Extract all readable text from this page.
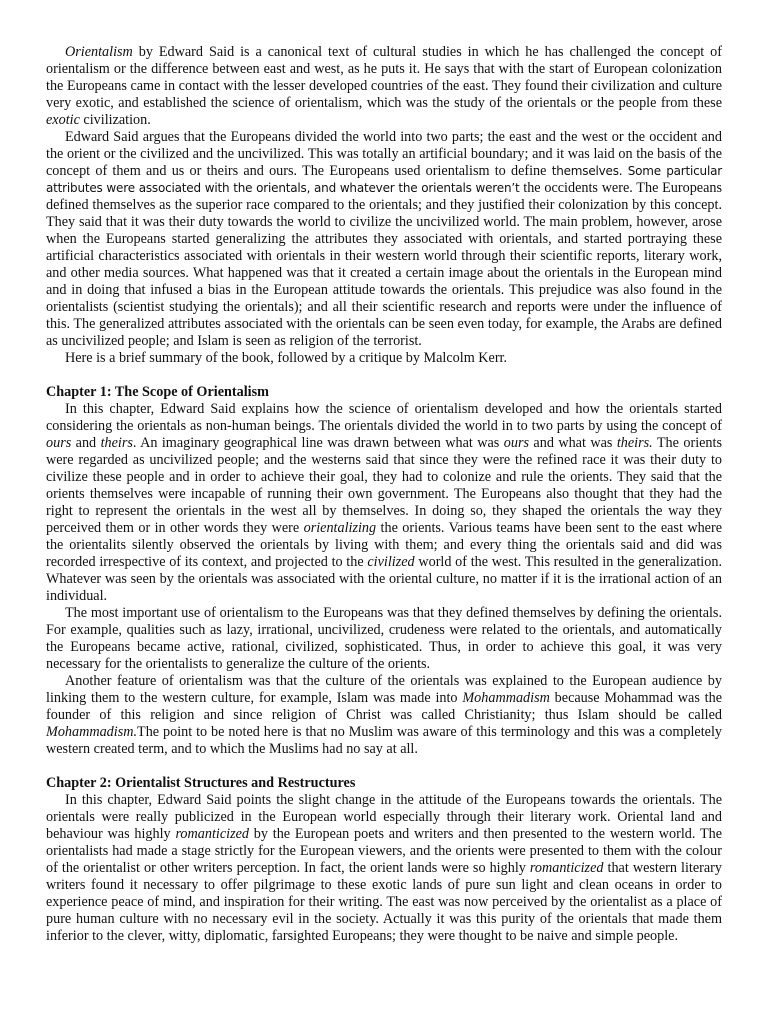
Orientalism by Edward Said is a canonical text of cultural studies in which he has challenged the concept of orientalism or the difference between east and west, as he puts it. He says that with the start of European colonization the Europeans came in contact with the lesser developed countries of the east. They found their civilization and culture very exotic, and established the science of orientalism, which was the study of the orientals or the people from these exotic civilization.

Edward Said argues that the Europeans divided the world into two parts; the east and the west or the occident and the orient or the civilized and the uncivilized. This was totally an artificial boundary; and it was laid on the basis of the concept of them and us or theirs and ours. The Europeans used orientalism to define themselves. Some particular attributes were associated with the orientals, and whatever the orientals weren’t the occidents were. The Europeans defined themselves as the superior race compared to the orientals; and they justified their colonization by this concept. They said that it was their duty towards the world to civilize the uncivilized world. The main problem, however, arose when the Europeans started generalizing the attributes they associated with orientals, and started portraying these artificial characteristics associated with orientals in their western world through their scientific reports, literary work, and other media sources. What happened was that it created a certain image about the orientals in the European mind and in doing that infused a bias in the European attitude towards the orientals. This prejudice was also found in the orientalists (scientist studying the orientals); and all their scientific research and reports were under the influence of this. The generalized attributes associated with the orientals can be seen even today, for example, the Arabs are defined as uncivilized people; and Islam is seen as religion of the terrorist.

Here is a brief summary of the book, followed by a critique by Malcolm Kerr.

Chapter 1: The Scope of Orientalism

In this chapter, Edward Said explains how the science of orientalism developed and how the orientals started considering the orientals as non-human beings. The orientals divided the world in to two parts by using the concept of ours and theirs. An imaginary geographical line was drawn between what was ours and what was theirs. The orients were regarded as uncivilized people; and the westerns said that since they were the refined race it was their duty to civilize these people and in order to achieve their goal, they had to colonize and rule the orients. They said that the orients themselves were incapable of running their own government. The Europeans also thought that they had the right to represent the orientals in the west all by themselves. In doing so, they shaped the orientals the way they perceived them or in other words they were orientalizing the orients. Various teams have been sent to the east where the orientalits silently observed the orientals by living with them; and every thing the orientals said and did was recorded irrespective of its context, and projected to the civilized world of the west. This resulted in the generalization. Whatever was seen by the orientals was associated with the oriental culture, no matter if it is the irrational action of an individual.

The most important use of orientalism to the Europeans was that they defined themselves by defining the orientals. For example, qualities such as lazy, irrational, uncivilized, crudeness were related to the orientals, and automatically the Europeans became active, rational, civilized, sophisticated. Thus, in order to achieve this goal, it was very necessary for the orientalists to generalize the culture of the orients.

Another feature of orientalism was that the culture of the orientals was explained to the European audience by linking them to the western culture, for example, Islam was made into Mohammadism because Mohammad was the founder of this religion and since religion of Christ was called Christianity; thus Islam should be called Mohammadism.The point to be noted here is that no Muslim was aware of this terminology and this was a completely western created term, and to which the Muslims had no say at all.

Chapter 2: Orientalist Structures and Restructures

In this chapter, Edward Said points the slight change in the attitude of the Europeans towards the orientals. The orientals were really publicized in the European world especially through their literary work. Oriental land and behaviour was highly romanticized by the European poets and writers and then presented to the western world. The orientalists had made a stage strictly for the European viewers, and the orients were presented to them with the colour of the orientalist or other writers perception. In fact, the orient lands were so highly romanticized that western literary writers found it necessary to offer pilgrimage to these exotic lands of pure sun light and clean oceans in order to experience peace of mind, and inspiration for their writing. The east was now perceived by the orientalist as a place of pure human culture with no necessary evil in the society. Actually it was this purity of the orientals that made them inferior to the clever, witty, diplomatic, farsighted Europeans; they were thought to be naive and simple people.
